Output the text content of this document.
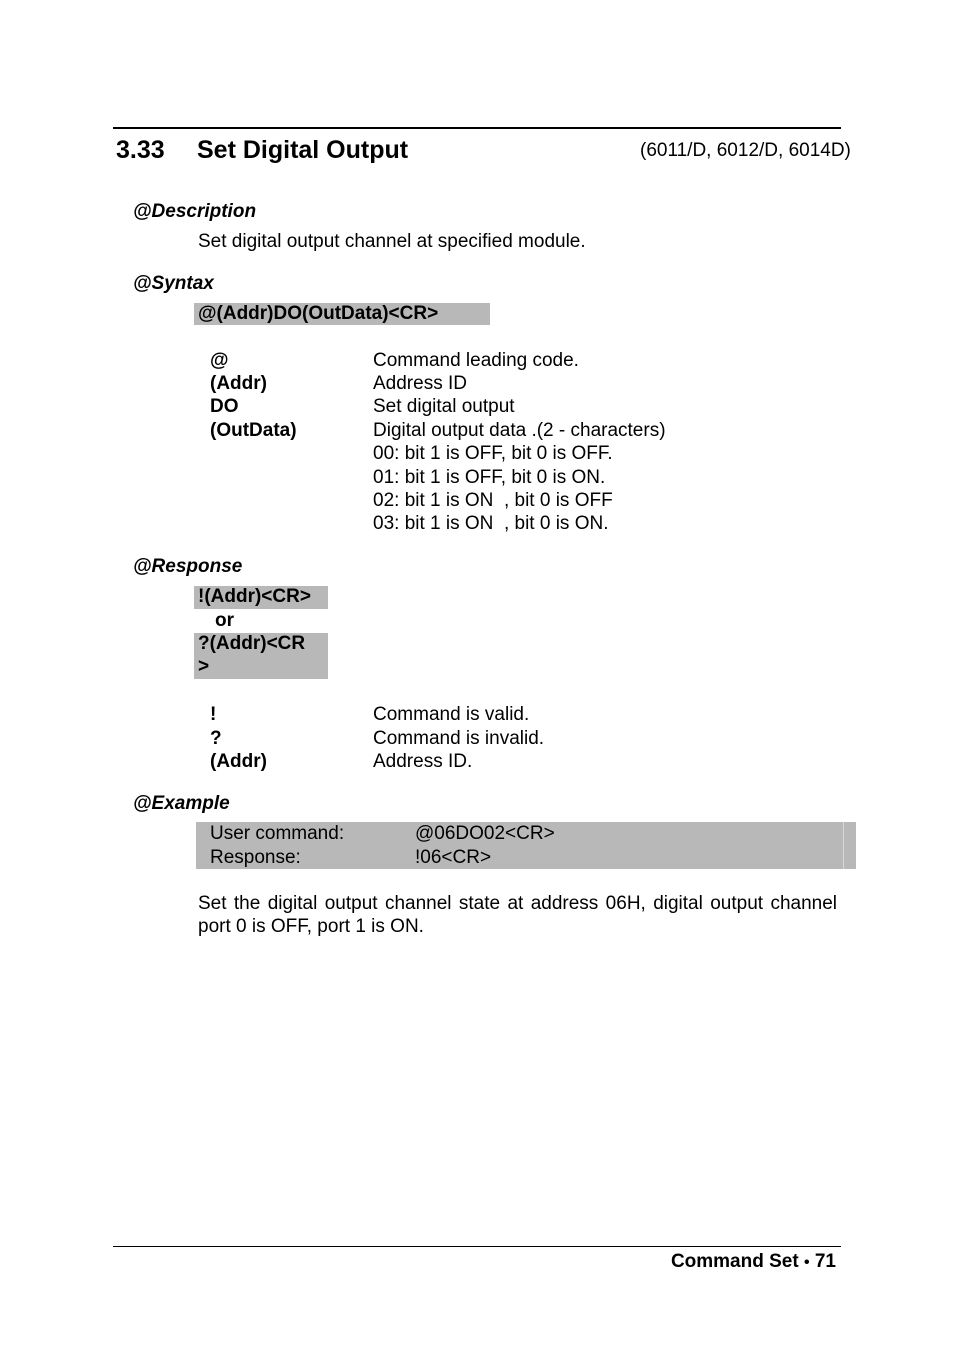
3.33 Set Digital Output	(6011/D, 6012/D, 6014D)
@Description
Set digital output channel at specified module.
@Syntax
@(Addr)DO(OutData)<CR>
@	Command leading code.
(Addr)	Address ID
DO	Set digital output
(OutData)	Digital output data .(2 - characters)
00: bit 1 is OFF, bit 0 is OFF.
01: bit 1 is OFF, bit 0 is ON.
02: bit 1 is ON  , bit 0 is OFF
03: bit 1 is ON  , bit 0 is ON.
@Response
!(Addr)<CR>
or
?(Addr)<CR
>
!	Command is valid.
?	Command is invalid.
(Addr)	Address ID.
@Example
User command:	@06DO02<CR>
Response:	!06<CR>
Set the digital output channel state at address 06H, digital output channel port 0 is OFF, port 1 is ON.
Command Set • 71
